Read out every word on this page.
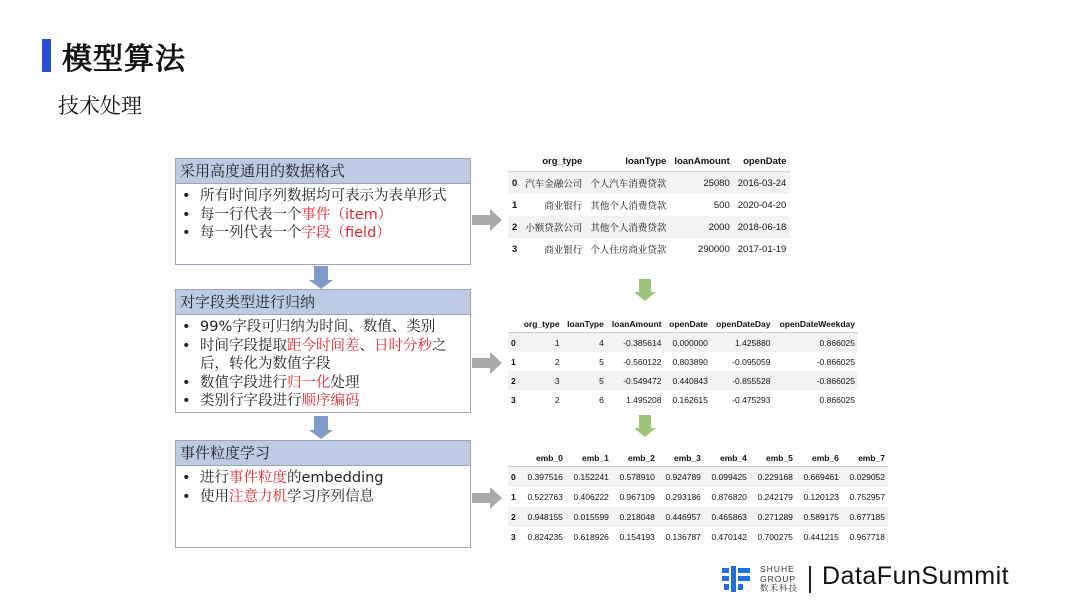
模型算法
技术处理
采用高度通用的数据格式
• 所有时间序列数据均可表示为表单形式
• 每一行代表一个事件（item）
• 每一列代表一个字段（field）
对字段类型进行归纳
• 99%字段可归纳为时间、数值、类别
• 时间字段提取距今时间差、日时分秒之后，转化为数值字段
• 数值字段进行归一化处理
• 类别行字段进行顺序编码
事件粒度学习
• 进行事件粒度的embedding
• 使用注意力机学习序列信息
	org_type	loanType	loanAmount	openDate
0	汽车金融公司	个人汽车消费贷款	25080	2016-03-24
1	商业银行	其他个人消费贷款	500	2020-04-20
2	小额贷款公司	其他个人消费贷款	2000	2018-06-18
3	商业银行	个人住房商业贷款	290000	2017-01-19
	org_type	loanType	loanAmount	openDate	openDateDay	openDateWeekday
0	1	4	-0.385614	0.000000	1.425880	0.866025
1	2	5	-0.560122	0.803890	-0.095059	-0.866025
2	3	5	-0.549472	0.440843	-0.855528	-0.866025
3	2	6	1.495208	0.162615	-0.475293	0.866025
	emb_0	emb_1	emb_2	emb_3	emb_4	emb_5	emb_6	emb_7
0	0.397516	0.152241	0.578910	0.924789	0.099425	0.229168	0.669461	0.029052
1	0.522763	0.406222	0.967109	0.293186	0.876820	0.242179	0.120123	0.752957
2	0.948155	0.015599	0.218048	0.446957	0.465863	0.271289	0.589175	0.677185
3	0.824235	0.618926	0.154193	0.136787	0.470142	0.700275	0.441215	0.967718
SHUHE
GROUP
数禾科技 DataFunSummit
